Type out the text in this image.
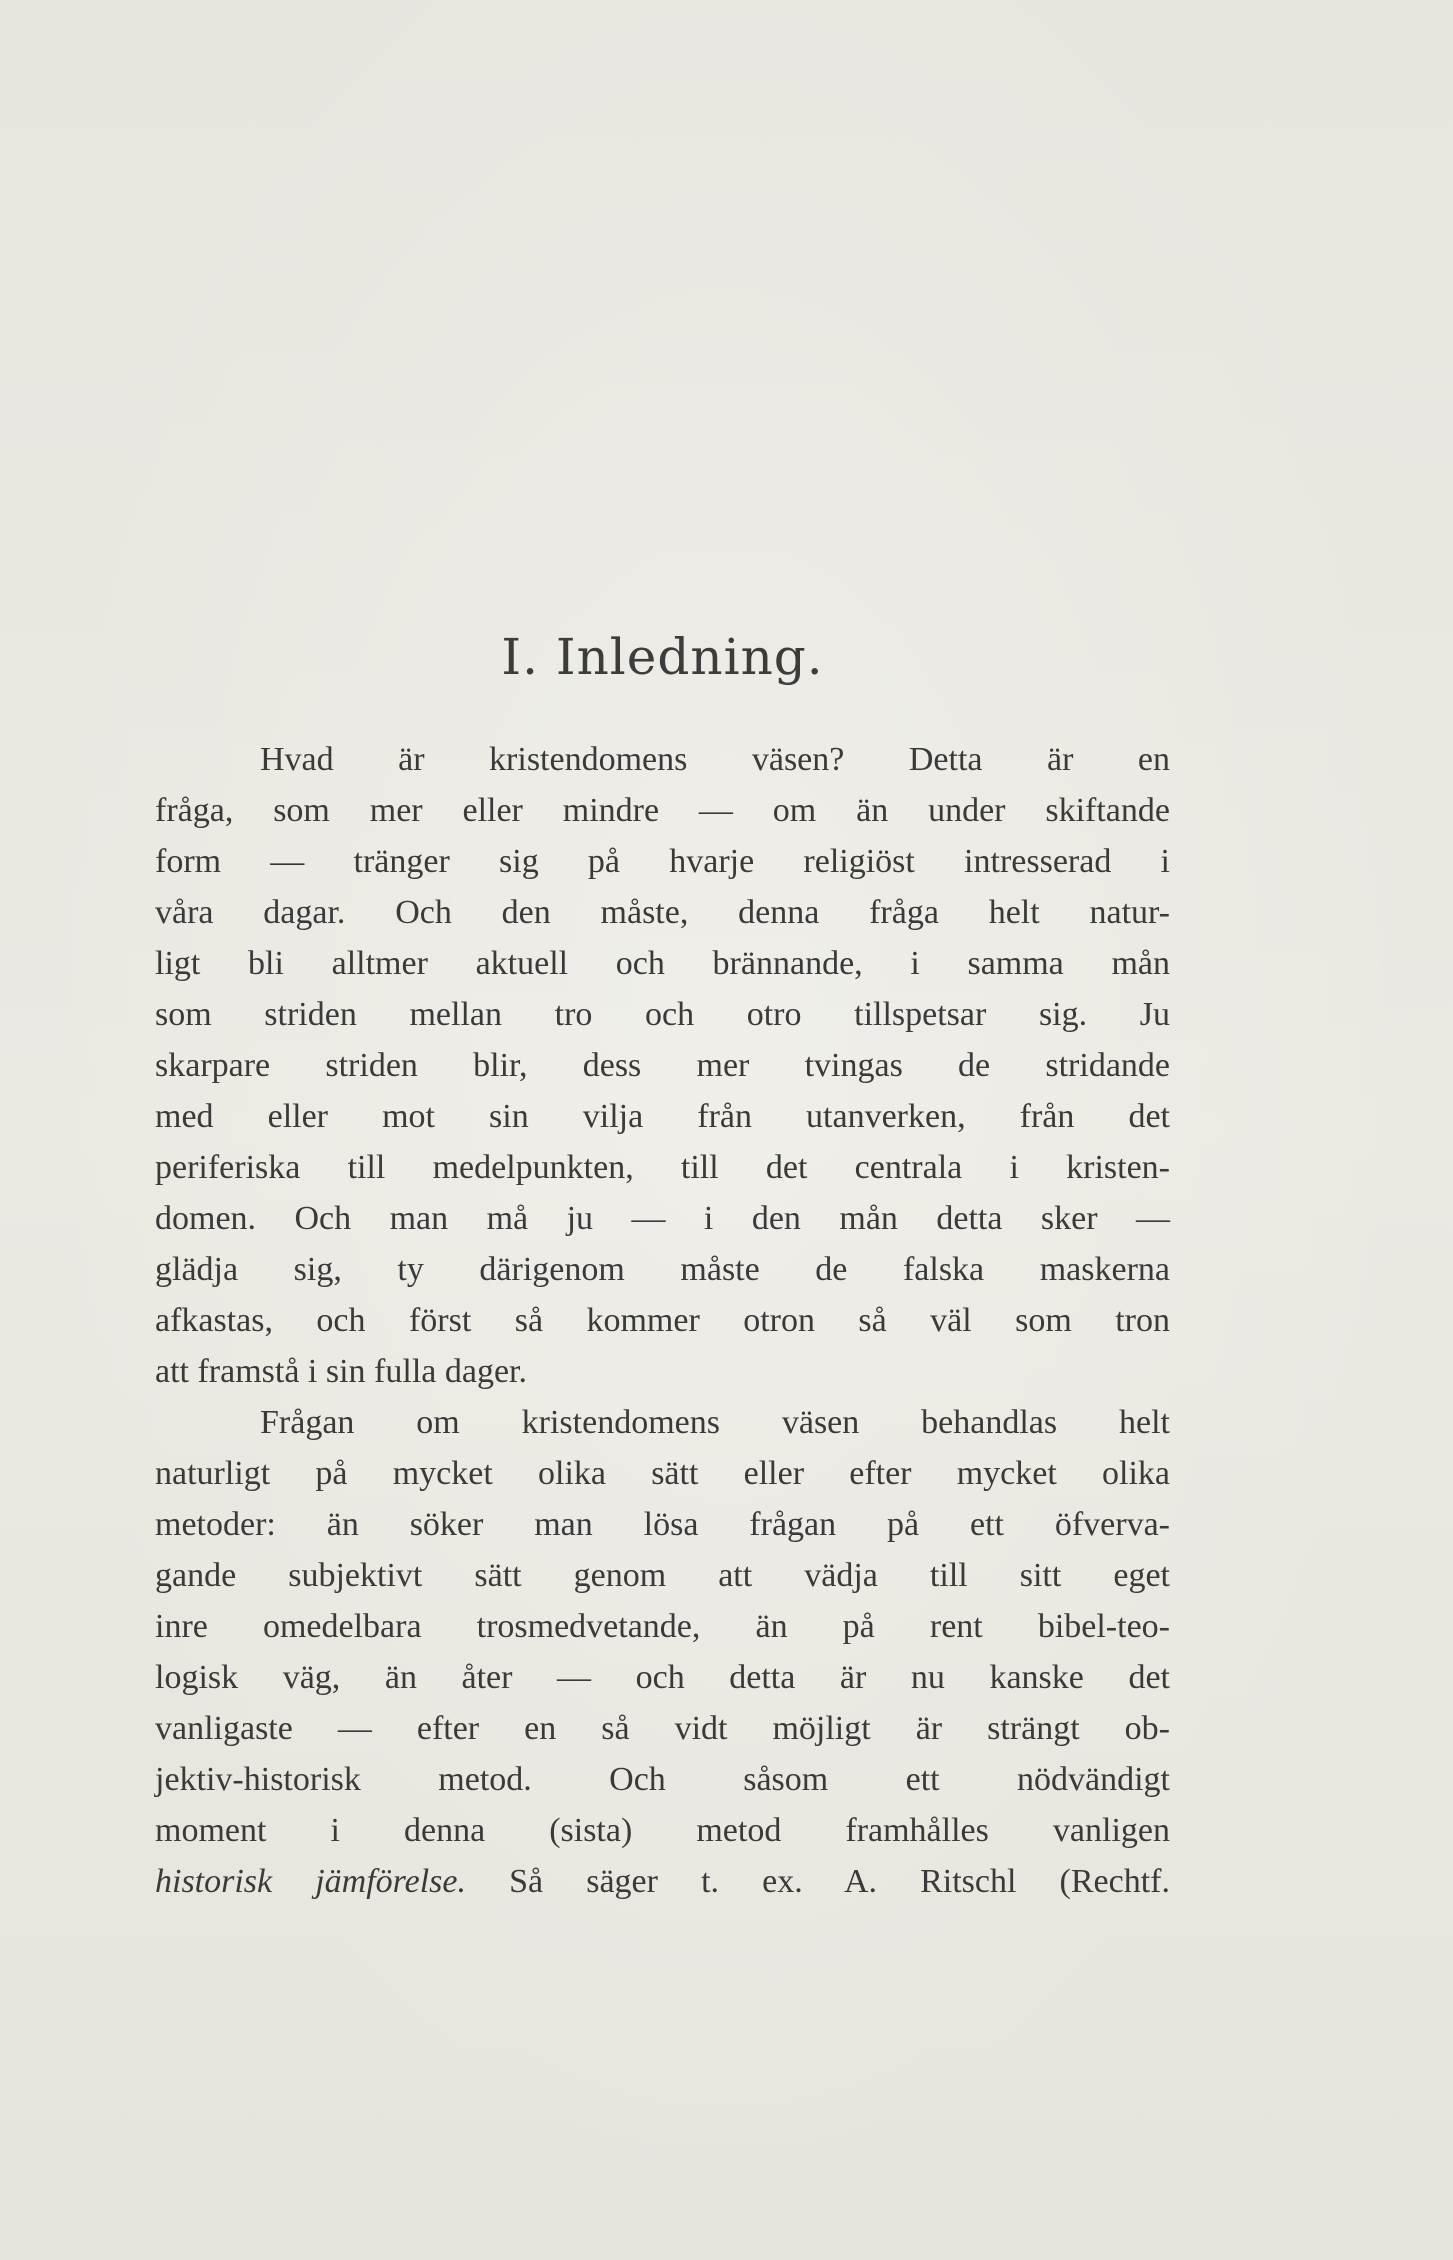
I. Inledning.
Hvad är kristendomens väsen? Detta är en
fråga, som mer eller mindre — om än under skiftande
form — tränger sig på hvarje religiöst intresserad i
våra dagar. Och den måste, denna fråga helt natur-
ligt bli alltmer aktuell och brännande, i samma mån
som striden mellan tro och otro tillspetsar sig. Ju
skarpare striden blir, dess mer tvingas de stridande
med eller mot sin vilja från utanverken, från det
periferiska till medelpunkten, till det centrala i kristen-
domen. Och man må ju — i den mån detta sker —
glädja sig, ty därigenom måste de falska maskerna
afkastas, och först så kommer otron så väl som tron
att framstå i sin fulla dager.
Frågan om kristendomens väsen behandlas helt
naturligt på mycket olika sätt eller efter mycket olika
metoder: än söker man lösa frågan på ett öfverva-
gande subjektivt sätt genom att vädja till sitt eget
inre omedelbara trosmedvetande, än på rent bibel-teo-
logisk väg, än åter — och detta är nu kanske det
vanligaste — efter en så vidt möjligt är strängt ob-
jektiv-historisk metod. Och såsom ett nödvändigt
moment i denna (sista) metod framhålles vanligen
historisk jämförelse. Så säger t. ex. A. Ritschl (Rechtf.
